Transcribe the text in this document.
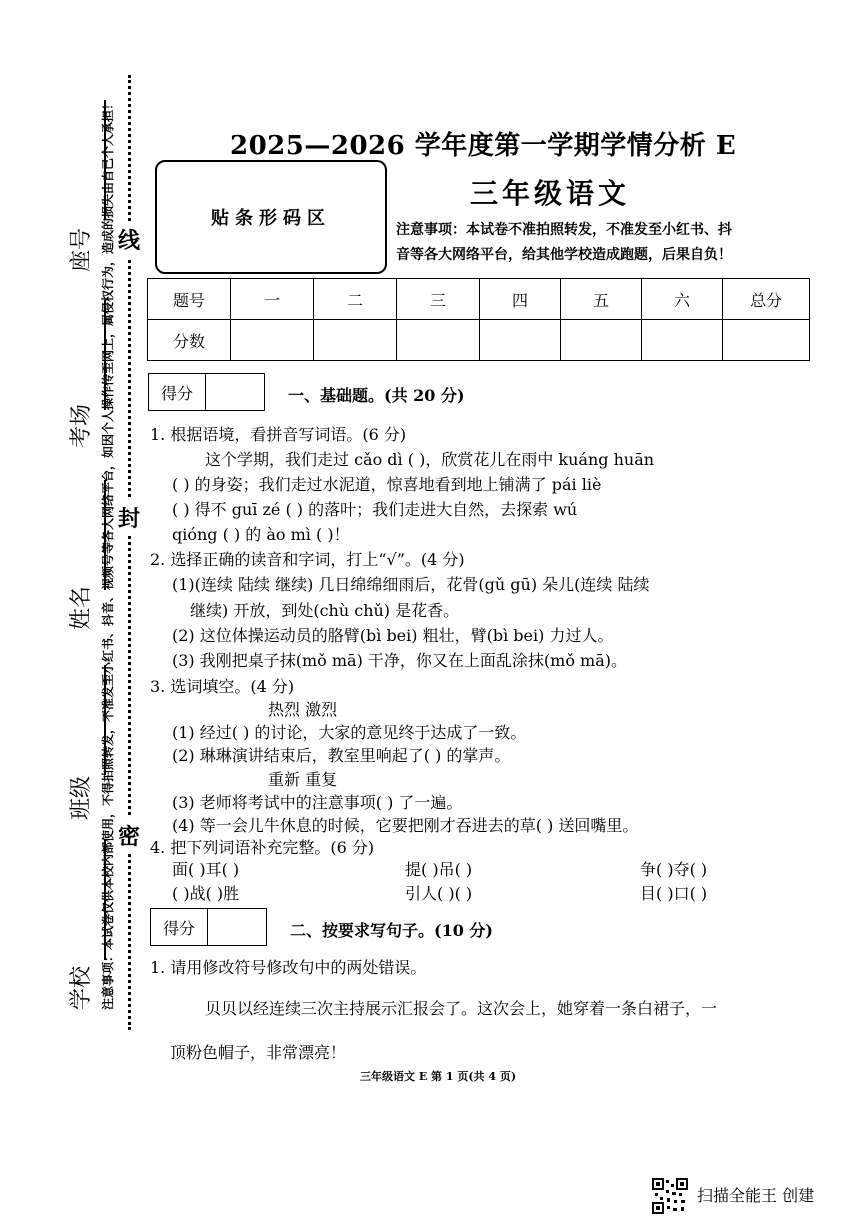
座号
考场
姓名
班级
学校 注意事项：本试卷仅供本校内部使用，不得拍照转发，不准发至小红书、抖音、视频号等各大网络平台，如因个人操作传至网上，属侵权行为，造成的损失由自己个人承担！ 线
封
密
2025—2026 学年度第一学期学情分析 E
贴条形码区
三年级语文
注意事项：本试卷不准拍照转发，不准发至小红书、抖
音等各大网络平台，给其他学校造成跑题，后果自负！
题号	一	二	三	四	五	六	总分
分数							
得分	一、基础题。(共 20 分)
1. 根据语境，看拼音写词语。(6 分)
这个学期，我们走过 cǎo dì ( )，欣赏花儿在雨中 kuáng huān
( ) 的身姿；我们走过水泥道，惊喜地看到地上铺满了 pái liè
( ) 得不 guī zé ( ) 的落叶；我们走进大自然，去探索 wú
qióng ( ) 的 ào mì ( )！
2. 选择正确的读音和字词，打上“√”。(4 分)
(1)(连续 陆续 继续) 几日绵绵细雨后，花骨(gǔ gū) 朵儿(连续 陆续
继续) 开放，到处(chù chǔ) 是花香。
(2) 这位体操运动员的胳臂(bì bei) 粗壮，臂(bì bei) 力过人。
(3) 我刚把桌子抹(mǒ mā) 干净，你又在上面乱涂抹(mǒ mā)。
3. 选词填空。(4 分)
热烈 激烈
(1) 经过( ) 的讨论，大家的意见终于达成了一致。
(2) 琳琳演讲结束后，教室里响起了( ) 的掌声。
重新 重复
(3) 老师将考试中的注意事项( ) 了一遍。
(4) 等一会儿牛休息的时候，它要把刚才吞进去的草( ) 送回嘴里。
4. 把下列词语补充完整。(6 分)
面( )耳( )	提( )吊( )	争( )夺( )
( )战( )胜	引人( )( )	目( )口( )
得分	二、按要求写句子。(10 分)
1. 请用修改符号修改句中的两处错误。
贝贝以经连续三次主持展示汇报会了。这次会上，她穿着一条白裙子，一
顶粉色帽子，非常漂亮！
三年级语文 E 第 1 页(共 4 页)
扫描全能王 创建
